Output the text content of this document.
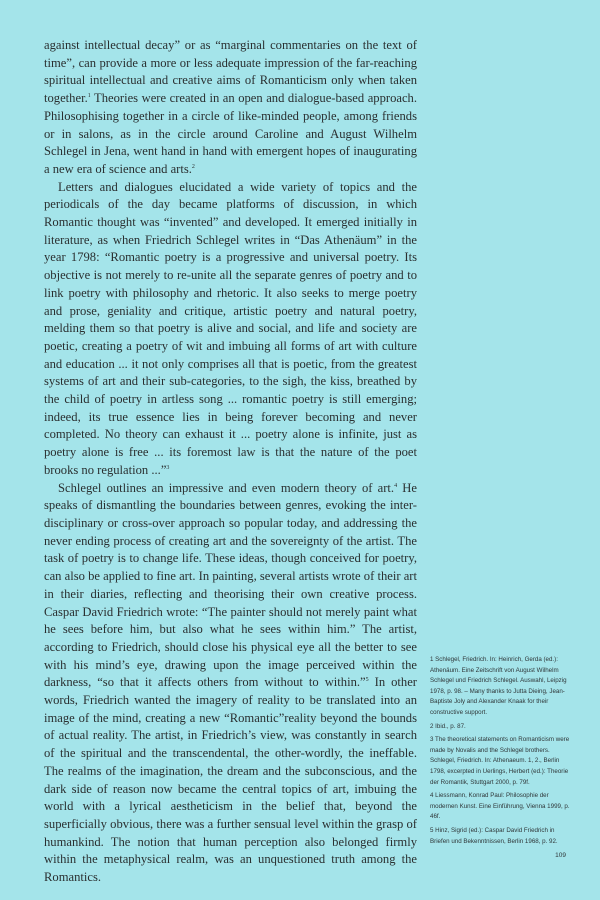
against intellectual decay” or as “marginal commentaries on the text of time”, can provide a more or less adequate impression of the far-reaching spiritual intellectual and creative aims of Romanticism only when taken together.$^1$ Theories were created in an open and dialogue-based approach. Philosophising together in a circle of like-minded people, among friends or in salons, as in the circle around Caroline and August Wilhelm Schlegel in Jena, went hand in hand with emergent hopes of inaugurating a new era of science and arts.$^2$

Letters and dialogues elucidated a wide variety of topics and the periodicals of the day became platforms of discussion, in which Romantic thought was “invented” and developed. It emerged initially in literature, as when Friedrich Schlegel writes in “Das Athenäum” in the year 1798: “Romantic poetry is a progressive and universal poetry. Its objective is not merely to re-unite all the separate genres of poetry and to link poetry with philosophy and rhetoric. It also seeks to merge poetry and prose, geniality and critique, artistic poetry and natural poetry, melding them so that poetry is alive and social, and life and society are poetic, creating a poetry of wit and imbuing all forms of art with culture and education ... it not only comprises all that is poetic, from the greatest systems of art and their sub-categories, to the sigh, the kiss, breathed by the child of poetry in artless song ... romantic poetry is still emerging; indeed, its true essence lies in being forever becoming and never completed. No theory can exhaust it ... poetry alone is infinite, just as poetry alone is free ... its foremost law is that the nature of the poet brooks no regulation ...”$^3$

Schlegel outlines an impressive and even modern theory of art.$^4$ He speaks of dismantling the boundaries between genres, evoking the inter-disciplinary or cross-over approach so popular today, and addressing the never ending process of creating art and the sovereignty of the artist. The task of poetry is to change life. These ideas, though conceived for poetry, can also be applied to fine art. In painting, several artists wrote of their art in their diaries, reflecting and theorising their own creative process. Caspar David Friedrich wrote: “The painter should not merely paint what he sees before him, but also what he sees within him.” The artist, according to Friedrich, should close his physical eye all the better to see with his mind’s eye, drawing upon the image perceived within the darkness, “so that it affects others from without to within.”$^5$ In other words, Friedrich wanted the imagery of reality to be translated into an image of the mind, creating a new “Romantic”reality beyond the bounds of actual reality. The artist, in Friedrich’s view, was constantly in search of the spiritual and the transcendental, the other-wordly, the ineffable. The realms of the imagination, the dream and the subconscious, and the dark side of reason now became the central topics of art, imbuing the world with a lyrical aestheticism in the belief that, beyond the superficially obvious, there was a further sensual level within the grasp of humankind. The notion that human perception also belonged firmly within the metaphysical realm, was an unquestioned truth among the Romantics.

1 Schlegel, Friedrich. In: Heinrich, Gerda (ed.): Athenäum. Eine Zeitschrift von August Wilhelm Schlegel und Friedrich Schlegel. Auswahl, Leipzig 1978, p. 98. – Many thanks to Jutta Dieing, Jean-Baptiste Joly and Alexander Knaak for their constructive support.

2 Ibid., p. 87.

3 The theoretical statements on Romanticism were made by Novalis and the Schlegel brothers. Schlegel, Friedrich. In: Athenaeum. 1, 2., Berlin 1798, excerpted in Uerlings, Herbert (ed.): Theorie der Romantik, Stuttgart 2000, p. 79f.

4 Liessmann, Konrad Paul: Philosophie der modernen Kunst. Eine Einführung, Vienna 1999, p. 46f.

5 Hinz, Sigrid (ed.): Caspar David Friedrich in Briefen und Bekenntnissen, Berlin 1968, p. 92.

109
